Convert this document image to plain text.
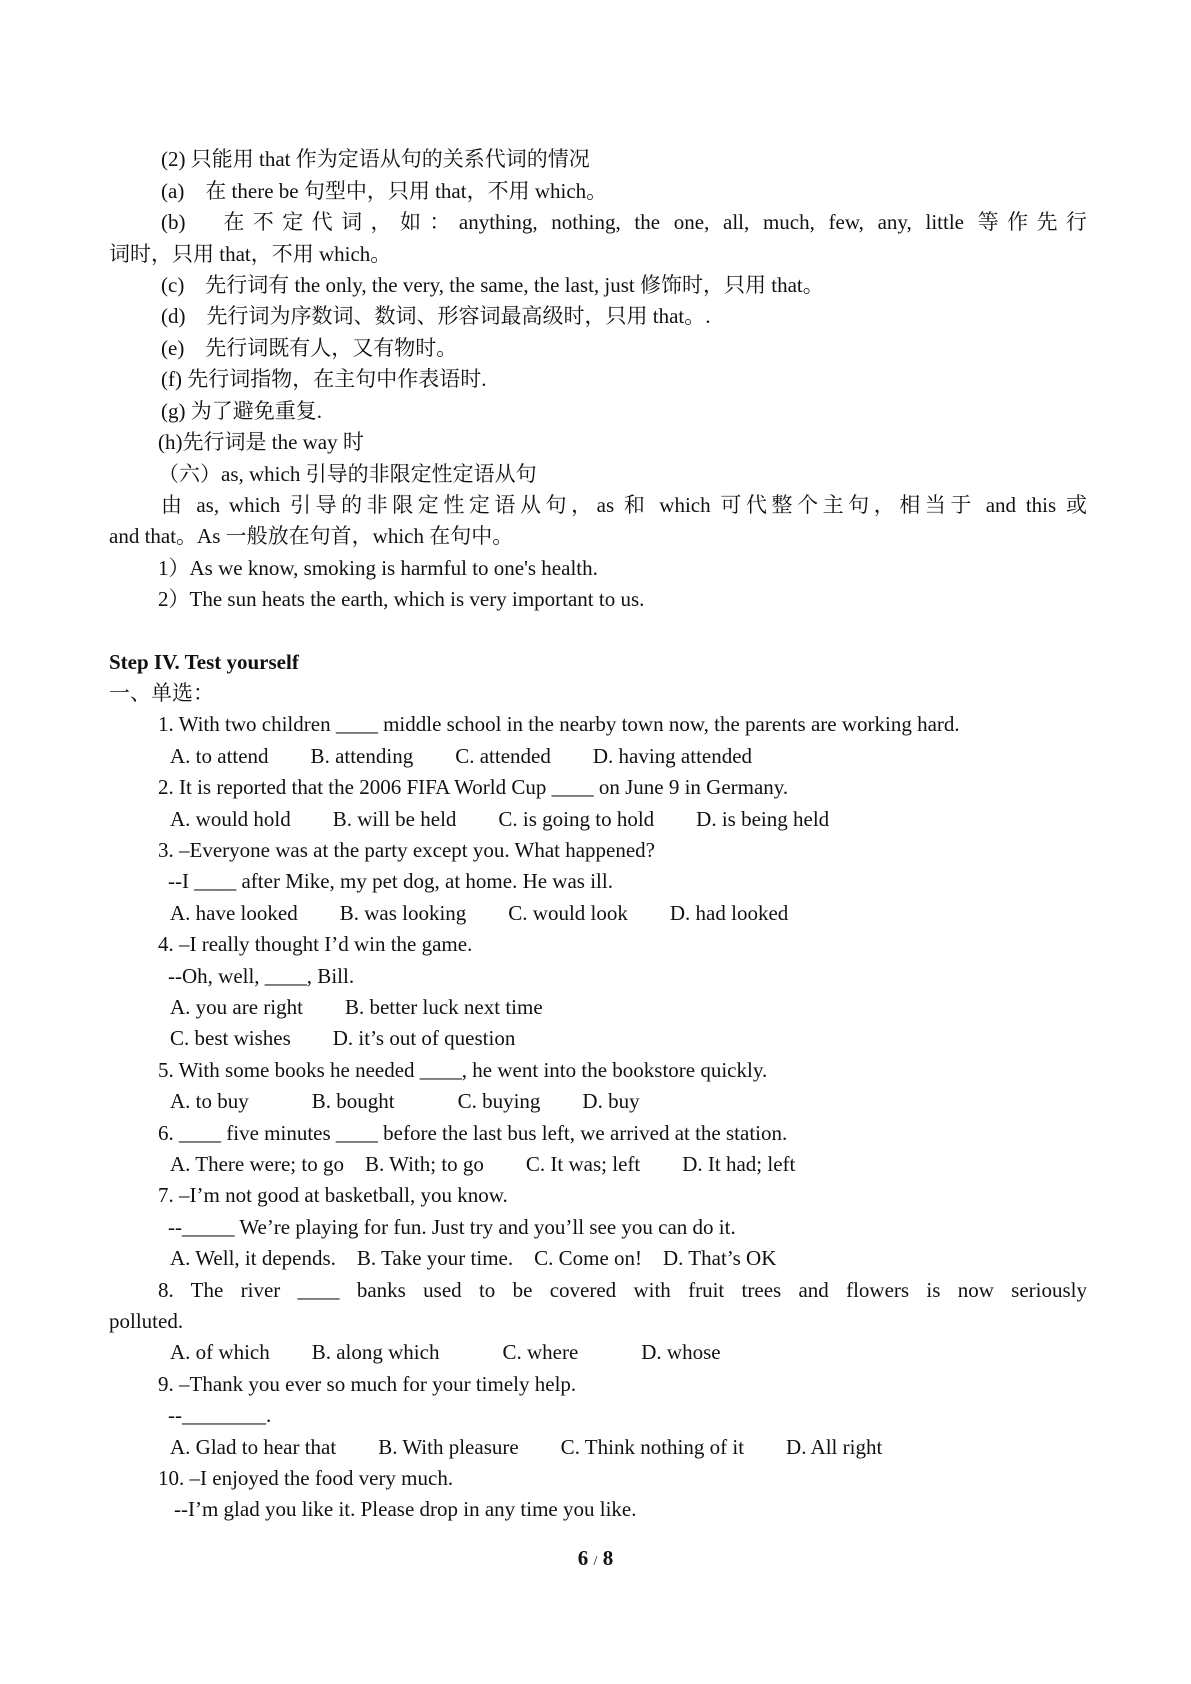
(2) 只能用 that 作为定语从句的关系代词的情况
(a)　在 there be 句型中，只用 that，不用 which。
(b)　在不定代词，如：anything, nothing, the one, all, much, few, any, little 等作先行
词时，只用 that，不用 which。
(c)　先行词有 the only, the very, the same, the last, just 修饰时，只用 that。
(d)　先行词为序数词、数词、形容词最高级时，只用 that。.
(e)　先行词既有人，又有物时。
(f) 先行词指物，在主句中作表语时.
(g) 为了避免重复.
(h)先行词是 the way 时
（六）as, which 引导的非限定性定语从句
由 as, which 引导的非限定性定语从句，as 和 which 可代整个主句，相当于 and this 或
and that。As 一般放在句首，which 在句中。
1）As we know, smoking is harmful to one's health.
2）The sun heats the earth, which is very important to us.
Step IV. Test yourself
一、单选：
1. With two children ____ middle school in the nearby town now, the parents are working hard.
A. to attend　　B. attending　　C. attended　　D. having attended
2. It is reported that the 2006 FIFA World Cup ____ on June 9 in Germany.
A. would hold　　B. will be held　　C. is going to hold　　D. is being held
3. –Everyone was at the party except you. What happened?
--I ____ after Mike, my pet dog, at home. He was ill.
A. have looked　　B. was looking　　C. would look　　D. had looked
4. –I really thought I’d win the game.
--Oh, well, ____, Bill.
A. you are right　　B. better luck next time
C. best wishes　　D. it’s out of question
5. With some books he needed ____, he went into the bookstore quickly.
A. to buy　　　B. bought　　　C. buying　　D. buy
6. ____ five minutes ____ before the last bus left, we arrived at the station.
A. There were; to go　B. With; to go　　C. It was; left　　D. It had; left
7. –I’m not good at basketball, you know.
--_____ We’re playing for fun. Just try and you’ll see you can do it.
A. Well, it depends.　B. Take your time.　C. Come on!　D. That’s OK
8. The river ____ banks used to be covered with fruit trees and flowers is now seriously
polluted.
A. of which　　B. along which　　　C. where　　　D. whose
9. –Thank you ever so much for your timely help.
--________.
A. Glad to hear that　　B. With pleasure　　C. Think nothing of it　　D. All right
10. –I enjoyed the food very much.
--I’m glad you like it. Please drop in any time you like.
6 / 8
